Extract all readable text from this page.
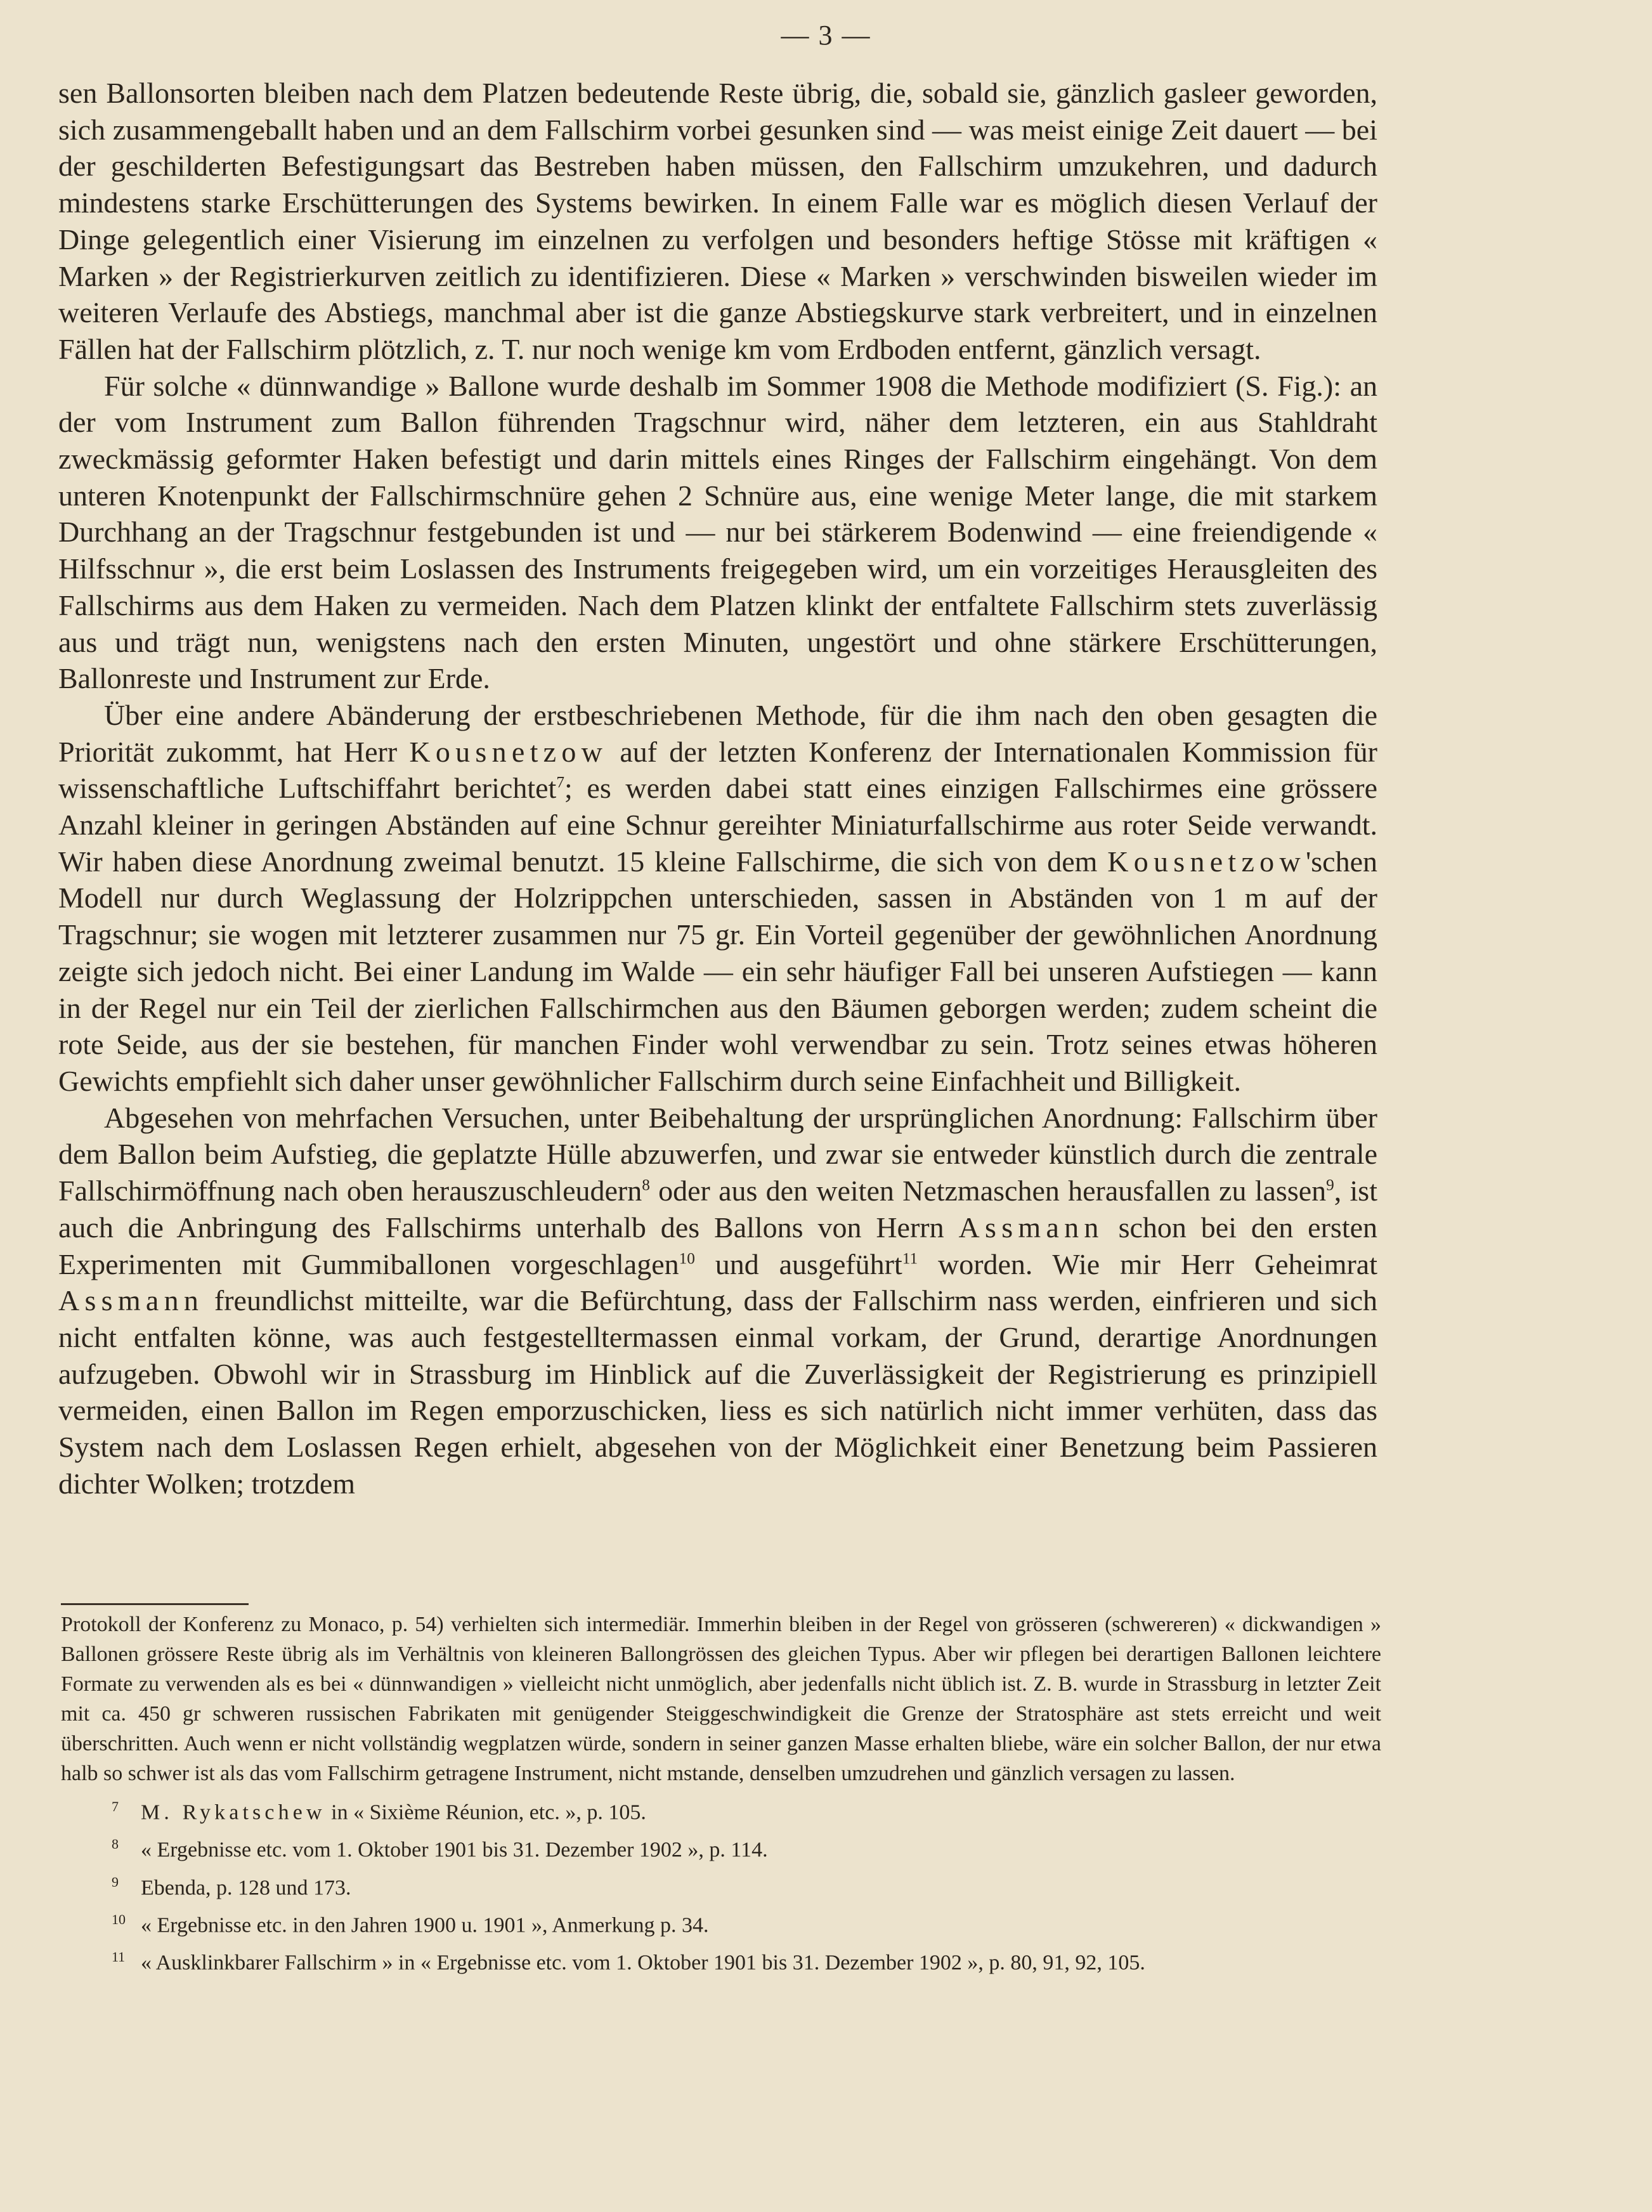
— 3 —

sen Ballonsorten bleiben nach dem Platzen bedeutende Reste übrig, die, sobald sie, gänzlich gasleer geworden, sich zusammengeballt haben und an dem Fallschirm vorbei gesunken sind — was meist einige Zeit dauert — bei der geschilderten Befestigungsart das Bestreben haben müssen, den Fallschirm umzukehren, und dadurch mindestens starke Erschütterungen des Systems bewirken. In einem Falle war es möglich diesen Verlauf der Dinge gelegentlich einer Visierung im einzelnen zu verfolgen und besonders heftige Stösse mit kräftigen « Marken » der Registrierkurven zeitlich zu identifizieren. Diese « Marken » verschwinden bisweilen wieder im weiteren Verlaufe des Abstiegs, manchmal aber ist die ganze Abstiegskurve stark verbreitert, und in einzelnen Fällen hat der Fallschirm plötzlich, z. T. nur noch wenige km vom Erdboden entfernt, gänzlich versagt.

Für solche « dünnwandige » Ballone wurde deshalb im Sommer 1908 die Methode modifiziert (S. Fig.): an der vom Instrument zum Ballon führenden Tragschnur wird, näher dem letzteren, ein aus Stahldraht zweckmässig geformter Haken befestigt und darin mittels eines Ringes der Fallschirm eingehängt. Von dem unteren Knotenpunkt der Fallschirmschnüre gehen 2 Schnüre aus, eine wenige Meter lange, die mit starkem Durchhang an der Tragschnur festgebunden ist und — nur bei stärkerem Bodenwind — eine freiendigende « Hilfsschnur », die erst beim Loslassen des Instruments freigegeben wird, um ein vorzeitiges Herausgleiten des Fallschirms aus dem Haken zu vermeiden. Nach dem Platzen klinkt der entfaltete Fallschirm stets zuverlässig aus und trägt nun, wenigstens nach den ersten Minuten, ungestört und ohne stärkere Erschütterungen, Ballonreste und Instrument zur Erde.

Über eine andere Abänderung der erstbeschriebenen Methode, für die ihm nach den oben gesagten die Priorität zukommt, hat Herr Kousnetzow auf der letzten Konferenz der Internationalen Kommission für wissenschaftliche Luftschiffahrt berichtet$^7$; es werden dabei statt eines einzigen Fallschirmes eine grössere Anzahl kleiner in geringen Abständen auf eine Schnur gereihter Miniaturfallschirme aus roter Seide verwandt. Wir haben diese Anordnung zweimal benutzt. 15 kleine Fallschirme, die sich von dem Kousnetzow'schen Modell nur durch Weglassung der Holzrippchen unterschieden, sassen in Abständen von 1 m auf der Tragschnur; sie wogen mit letzterer zusammen nur 75 gr. Ein Vorteil gegenüber der gewöhnlichen Anordnung zeigte sich jedoch nicht. Bei einer Landung im Walde — ein sehr häufiger Fall bei unseren Aufstiegen — kann in der Regel nur ein Teil der zierlichen Fallschirmchen aus den Bäumen geborgen werden; zudem scheint die rote Seide, aus der sie bestehen, für manchen Finder wohl verwendbar zu sein. Trotz seines etwas höheren Gewichts empfiehlt sich daher unser gewöhnlicher Fallschirm durch seine Einfachheit und Billigkeit.

Abgesehen von mehrfachen Versuchen, unter Beibehaltung der ursprünglichen Anordnung: Fallschirm über dem Ballon beim Aufstieg, die geplatzte Hülle abzuwerfen, und zwar sie entweder künstlich durch die zentrale Fallschirmöffnung nach oben herauszuschleudern$^8$ oder aus den weiten Netzmaschen herausfallen zu lassen$^9$, ist auch die Anbringung des Fallschirms unterhalb des Ballons von Herrn Assmann schon bei den ersten Experimenten mit Gummiballonen vorgeschlagen$^{10}$ und ausgeführt$^{11}$ worden. Wie mir Herr Geheimrat Assmann freundlichst mitteilte, war die Befürchtung, dass der Fallschirm nass werden, einfrieren und sich nicht entfalten könne, was auch festgestelltermassen einmal vorkam, der Grund, derartige Anordnungen aufzugeben. Obwohl wir in Strassburg im Hinblick auf die Zuverlässigkeit der Registrierung es prinzipiell vermeiden, einen Ballon im Regen emporzuschicken, liess es sich natürlich nicht immer verhüten, dass das System nach dem Loslassen Regen erhielt, abgesehen von der Möglichkeit einer Benetzung beim Passieren dichter Wolken; trotzdem

Protokoll der Konferenz zu Monaco, p. 54) verhielten sich intermediär. Immerhin bleiben in der Regel von grösseren (schwereren) « dickwandigen » Ballonen grössere Reste übrig als im Verhältnis von kleineren Ballongrössen des gleichen Typus. Aber wir pflegen bei derartigen Ballonen leichtere Formate zu verwenden als es bei « dünnwandigen » vielleicht nicht unmöglich, aber jedenfalls nicht üblich ist. Z. B. wurde in Strassburg in letzter Zeit mit ca. 450 gr schweren russischen Fabrikaten mit genügender Steiggeschwindigkeit die Grenze der Stratosphäre ast stets erreicht und weit überschritten. Auch wenn er nicht vollständig wegplatzen würde, sondern in seiner ganzen Masse erhalten bliebe, wäre ein solcher Ballon, der nur etwa halb so schwer ist als das vom Fallschirm getragene Instrument, nicht mstande, denselben umzudrehen und gänzlich versagen zu lassen.

7 M. Rykatschew in « Sixième Réunion, etc. », p. 105.

8 « Ergebnisse etc. vom 1. Oktober 1901 bis 31. Dezember 1902 », p. 114.

9 Ebenda, p. 128 und 173.

10 « Ergebnisse etc. in den Jahren 1900 u. 1901 », Anmerkung p. 34.

11 « Ausklinkbarer Fallschirm » in « Ergebnisse etc. vom 1. Oktober 1901 bis 31. Dezember 1902 », p. 80, 91, 92, 105.
